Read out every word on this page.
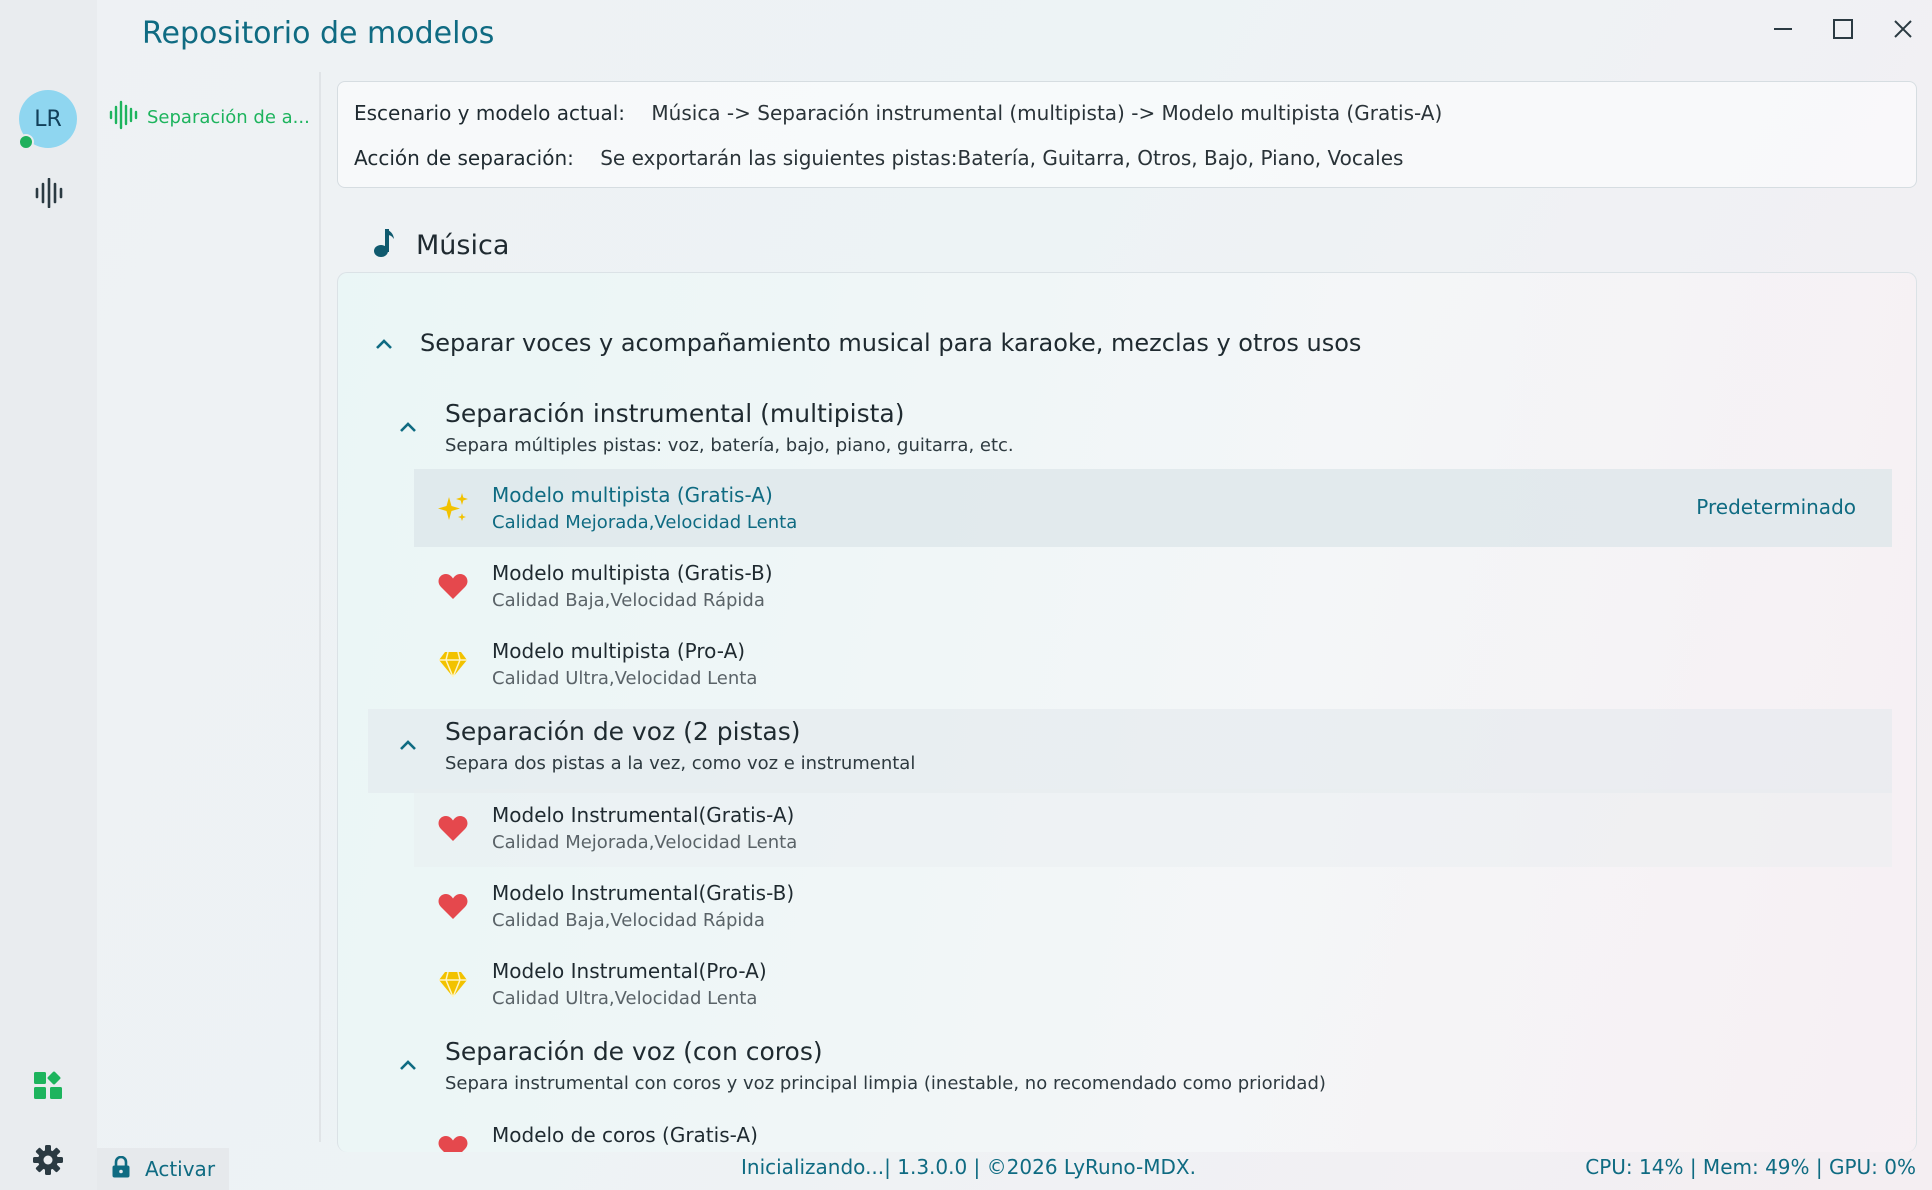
LR	Separación de a...
Repositorio de modelos
Escenario y modelo actual: Música -> Separación instrumental (multipista) -> Modelo multipista (Gratis-A)
Acción de separación: Se exportarán las siguientes pistas:Batería, Guitarra, Otros, Bajo, Piano, Vocales
Música
Separar voces y acompañamiento musical para karaoke, mezclas y otros usos
Separación instrumental (multipista)
Separa múltiples pistas: voz, batería, bajo, piano, guitarra, etc.
Modelo multipista (Gratis-A)
Calidad Mejorada,Velocidad Lenta
Predeterminado
Modelo multipista (Gratis-B)
Calidad Baja,Velocidad Rápida
Modelo multipista (Pro-A)
Calidad Ultra,Velocidad Lenta
Separación de voz (2 pistas)
Separa dos pistas a la vez, como voz e instrumental
Modelo Instrumental(Gratis-A)
Calidad Mejorada,Velocidad Lenta
Modelo Instrumental(Gratis-B)
Calidad Baja,Velocidad Rápida
Modelo Instrumental(Pro-A)
Calidad Ultra,Velocidad Lenta
Separación de voz (con coros)
Separa instrumental con coros y voz principal limpia (inestable, no recomendado como prioridad)
Modelo de coros (Gratis-A)
Activar	Inicializando...| 1.3.0.0 | ©2026 LyRuno-MDX.	CPU: 14% | Mem: 49% | GPU: 0%
